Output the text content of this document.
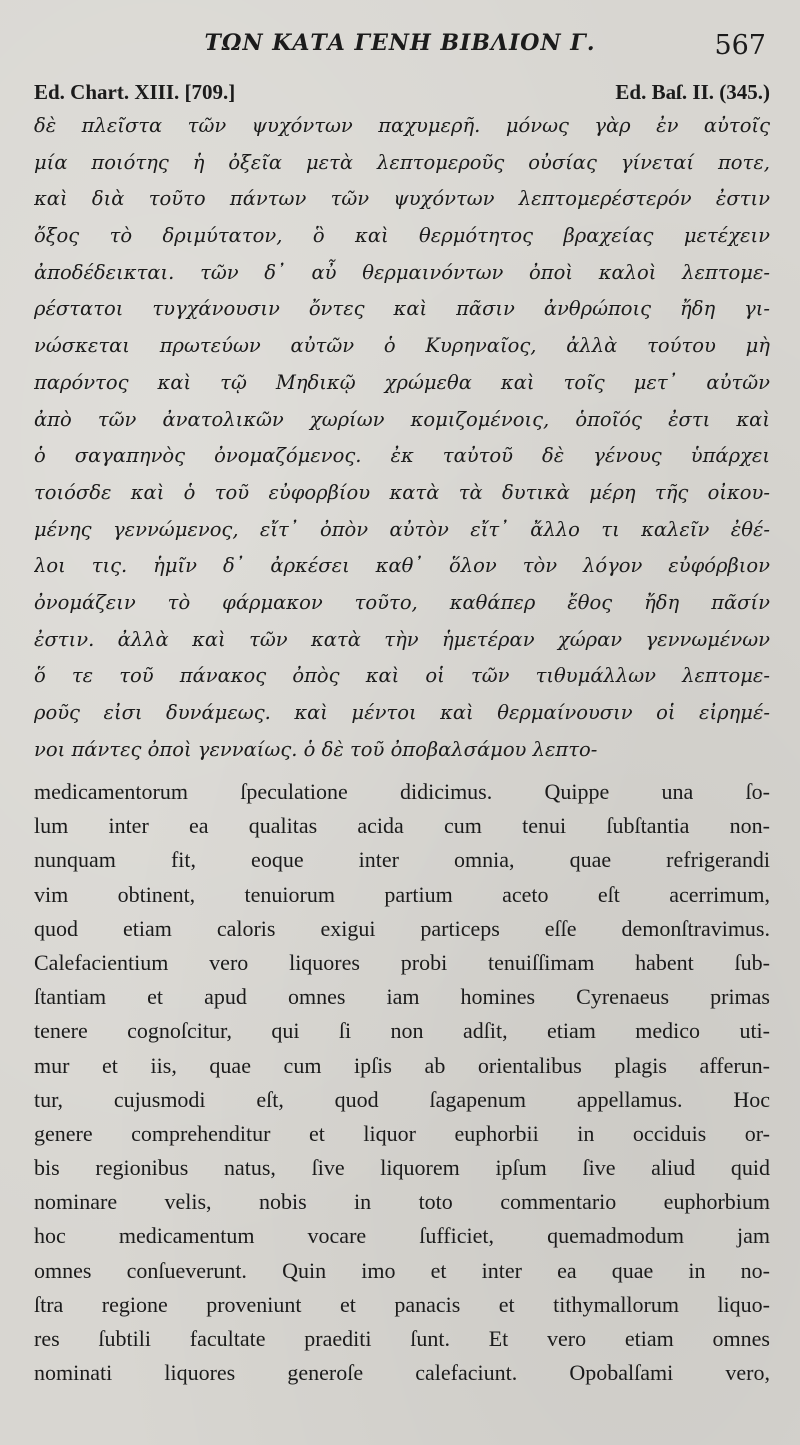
ΤΩΝ ΚΑΤΑ ΓΕΝΗ ΒΙΒΛΙΟΝ Γ.	567
Ed. Chart. XIII. [709.]	Ed. Baſ. II. (345.)
δὲ πλεῖστα τῶν ψυχόντων παχυμερῆ. μόνως γὰρ ἐν αὐτοῖς
μία ποιότης ἡ ὀξεῖα μετὰ λεπτομεροῦς οὐσίας γίνεταί ποτε,
καὶ διὰ τοῦτο πάντων τῶν ψυχόντων λεπτομερέστερόν ἐστιν
ὄξος τὸ δριμύτατον, ὃ καὶ θερμότητος βραχείας μετέχειν
ἀποδέδεικται. τῶν δ᾽ αὖ θερμαινόντων ὀποὶ καλοὶ λεπτομε-
ρέστατοι τυγχάνουσιν ὄντες καὶ πᾶσιν ἀνθρώποις ἤδη γι-
νώσκεται πρωτεύων αὐτῶν ὁ Κυρηναῖος, ἀλλὰ τούτου μὴ
παρόντος καὶ τῷ Μηδικῷ χρώμεθα καὶ τοῖς μετ᾽ αὐτῶν
ἀπὸ τῶν ἀνατολικῶν χωρίων κομιζομένοις, ὁποῖός ἐστι καὶ
ὁ σαγαπηνὸς ὀνομαζόμενος. ἐκ ταὐτοῦ δὲ γένους ὑπάρχει
τοιόσδε καὶ ὁ τοῦ εὐφορβίου κατὰ τὰ δυτικὰ μέρη τῆς οἰκου-
μένης γεννώμενος, εἴτ᾽ ὀπὸν αὐτὸν εἴτ᾽ ἄλλο τι καλεῖν ἐθέ-
λοι τις. ἡμῖν δ᾽ ἀρκέσει καθ᾽ ὅλον τὸν λόγον εὐφόρβιον
ὀνομάζειν τὸ φάρμακον τοῦτο, καθάπερ ἔθος ἤδη πᾶσίν
ἐστιν. ἀλλὰ καὶ τῶν κατὰ τὴν ἡμετέραν χώραν γεννωμένων
ὅ τε τοῦ πάνακος ὀπὸς καὶ οἱ τῶν τιθυμάλλων λεπτομε-
ροῦς εἰσι δυνάμεως. καὶ μέντοι καὶ θερμαίνουσιν οἱ εἰρημέ-
νοι πάντες ὀποὶ γενναίως. ὁ δὲ τοῦ ὀποβαλσάμου λεπτο-
medicamentorum ſpeculatione didicimus. Quippe una ſo-
lum inter ea qualitas acida cum tenui ſubſtantia non-
nunquam fit, eoque inter omnia, quae refrigerandi
vim obtinent, tenuiorum partium aceto eſt acerrimum,
quod etiam caloris exigui particeps eſſe demonſtravimus.
Calefacientium vero liquores probi tenuiſſimam habent ſub-
ſtantiam et apud omnes iam homines Cyrenaeus primas
tenere cognoſcitur, qui ſi non adſit, etiam medico uti-
mur et iis, quae cum ipſis ab orientalibus plagis afferun-
tur, cujusmodi eſt, quod ſagapenum appellamus. Hoc
genere comprehenditur et liquor euphorbii in occiduis or-
bis regionibus natus, ſive liquorem ipſum ſive aliud quid
nominare velis, nobis in toto commentario euphorbium
hoc medicamentum vocare ſufficiet, quemadmodum jam
omnes conſueverunt. Quin imo et inter ea quae in no-
ſtra regione proveniunt et panacis et tithymallorum liquo-
res ſubtili facultate praediti ſunt. Et vero etiam omnes
nominati liquores generoſe calefaciunt. Opobalſami vero,
